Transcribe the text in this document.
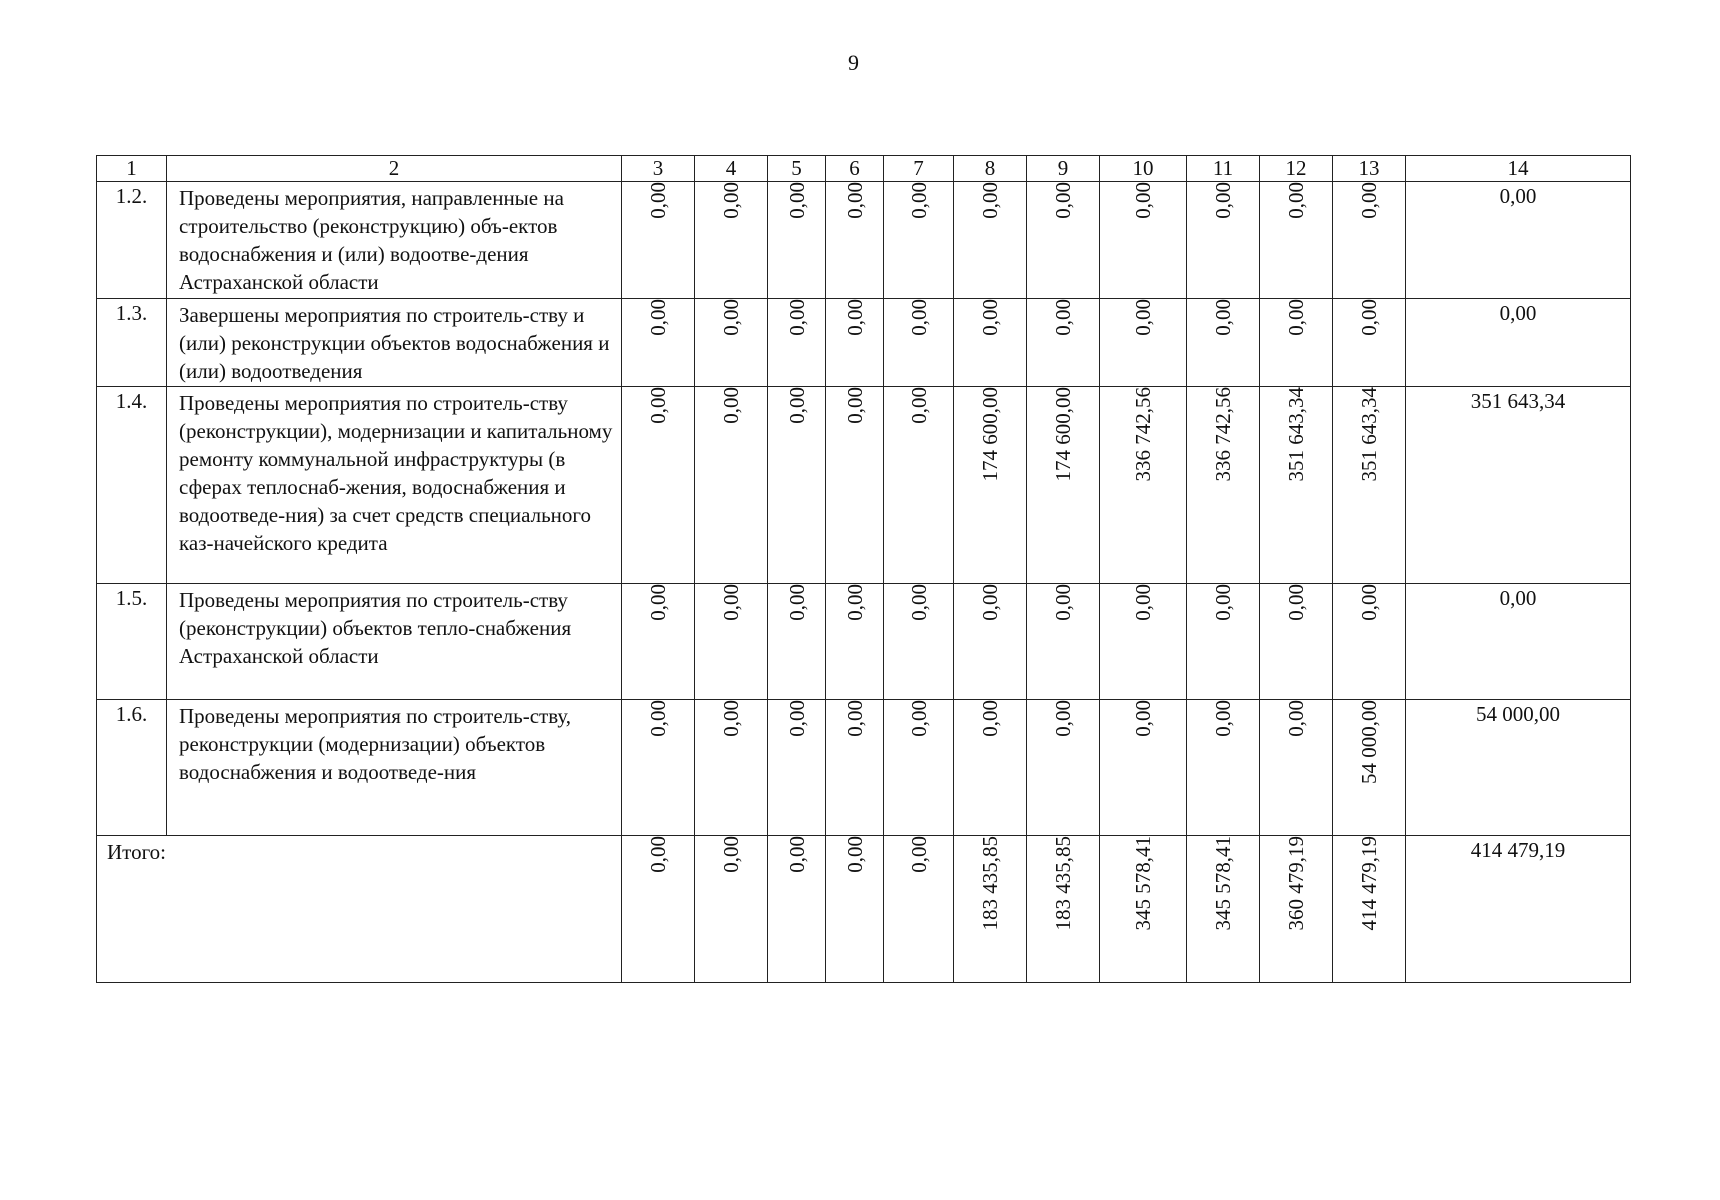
9
1	2	3	4	5	6	7	8	9	10	11	12	13	14
1.2.	Проведены мероприятия, направленные на строительство (реконструкцию) объ-ектов водоснабжения и (или) водоотве-дения Астраханской области	0,00	0,00	0,00	0,00	0,00	0,00	0,00	0,00	0,00	0,00	0,00	0,00
1.3.	Завершены мероприятия по строитель-ству и (или) реконструкции объектов водоснабжения и (или) водоотведения	0,00	0,00	0,00	0,00	0,00	0,00	0,00	0,00	0,00	0,00	0,00	0,00
1.4.	Проведены мероприятия по строитель-ству (реконструкции), модернизации и капитальному ремонту коммунальной инфраструктуры (в сферах теплоснаб-жения, водоснабжения и водоотведе-ния) за счет средств специального каз-начейского кредита	0,00	0,00	0,00	0,00	0,00	174 600,00	174 600,00	336 742,56	336 742,56	351 643,34	351 643,34	351 643,34
1.5.	Проведены мероприятия по строитель-ству (реконструкции) объектов тепло-снабжения Астраханской области	0,00	0,00	0,00	0,00	0,00	0,00	0,00	0,00	0,00	0,00	0,00	0,00
1.6.	Проведены мероприятия по строитель-ству, реконструкции (модернизации) объектов водоснабжения и водоотведе-ния	0,00	0,00	0,00	0,00	0,00	0,00	0,00	0,00	0,00	0,00	54 000,00	54 000,00
Итого:		0,00	0,00	0,00	0,00	0,00	183 435,85	183 435,85	345 578,41	345 578,41	360 479,19	414 479,19	414 479,19
